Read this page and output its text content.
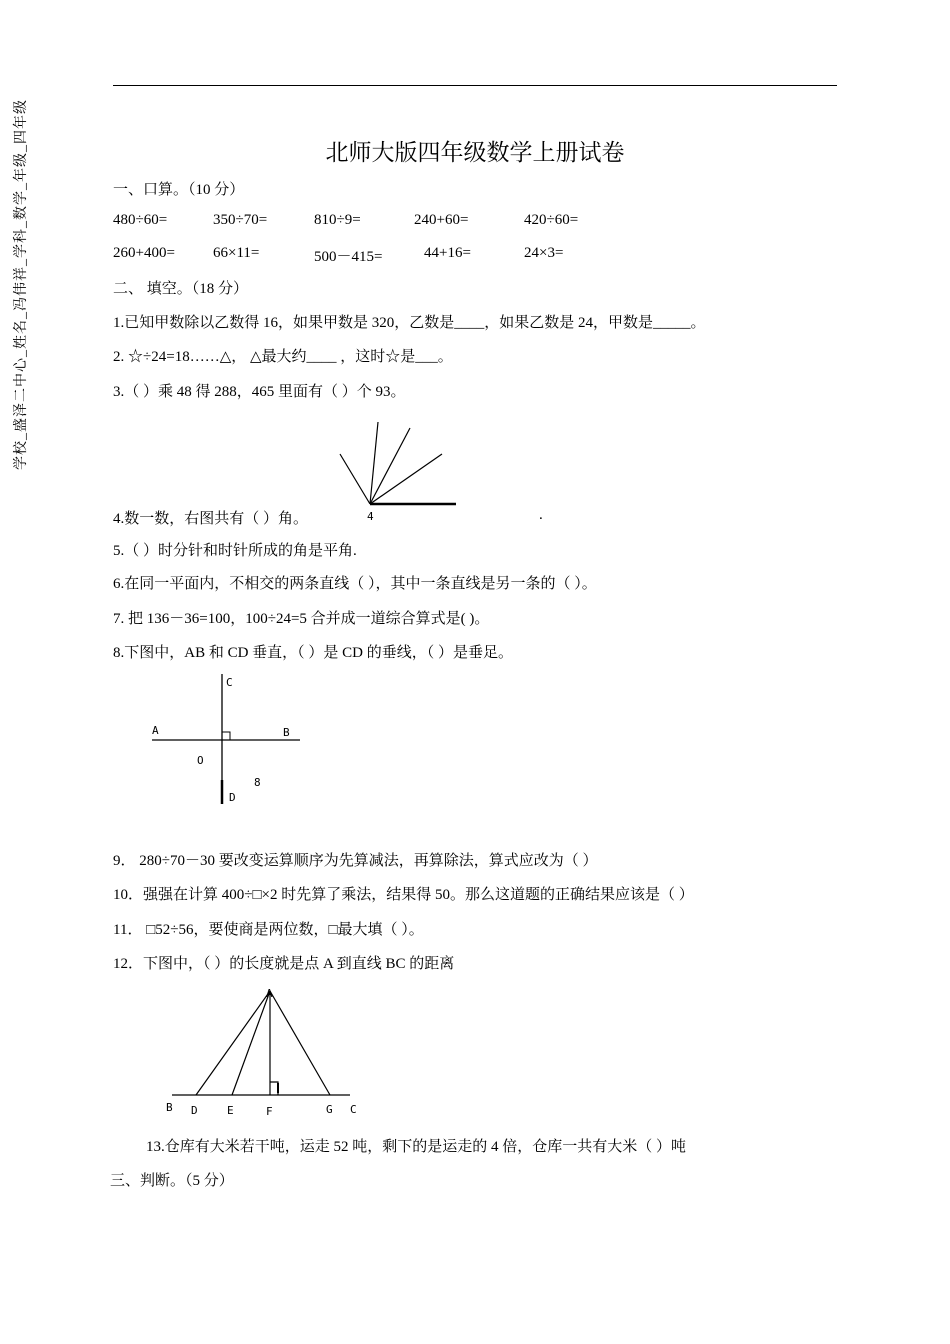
学校_盛泽二中心_姓名_冯伟祥_学科_数学_年级_四年级	北师大版四年级数学上册试卷
一、口算。（10 分）
480÷60=	350÷70=	810÷9=	240+60=	420÷60=
260+400=	66×11=	500－415=	44+16=	24×3=
二、 填空。（18 分）
1.已知甲数除以乙数得 16，如果甲数是 320，乙数是____，如果乙数是 24，甲数是_____。
2. ☆÷24=18……△， △最大约____ ，这时☆是___。
3.（ ）乘 48 得 288，465 里面有（ ）个 93。
4
4.数一数，右图共有（ ）角。	.
5.（ ）时分针和时针所成的角是平角.
6.在同一平面内，不相交的两条直线（ ），其中一条直线是另一条的（ ）。
7. 把 136－36=100，100÷24=5 合并成一道综合算式是( )。
8.下图中，AB 和 CD 垂直，（ ）是 CD 的垂线，（ ）是垂足。
C
A	B
O
8
D
9． 280÷70－30 要改变运算顺序为先算减法，再算除法，算式应改为（ ）
10．强强在计算 400÷□×2 时先算了乘法，结果得 50。那么这道题的正确结果应该是（ ）
11． □52÷56，要使商是两位数，□最大填（ ）。
12．下图中，（ ）的长度就是点 A 到直线 BC 的距离
A
B D	E	F	G C
13.仓库有大米若干吨，运走 52 吨，剩下的是运走的 4 倍，仓库一共有大米（ ）吨
三、判断。（5 分）
